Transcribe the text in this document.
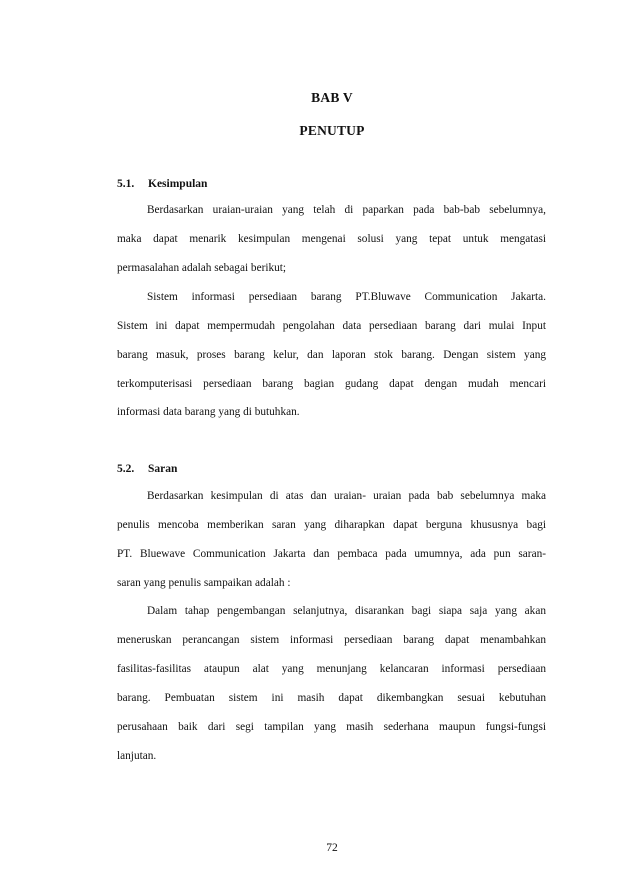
BAB V
PENUTUP
5.1. Kesimpulan
Berdasarkan uraian-uraian yang telah di paparkan pada bab-bab sebelumnya,
maka dapat menarik kesimpulan mengenai solusi yang tepat untuk mengatasi
permasalahan adalah sebagai berikut;
Sistem informasi persediaan barang PT.Bluwave Communication Jakarta.
Sistem ini dapat mempermudah pengolahan data persediaan barang dari mulai Input
barang masuk, proses barang kelur, dan laporan stok barang. Dengan sistem yang
terkomputerisasi persediaan barang bagian gudang dapat dengan mudah mencari
informasi data barang yang di butuhkan.
5.2. Saran
Berdasarkan kesimpulan di atas dan uraian- uraian pada bab sebelumnya maka
penulis mencoba memberikan saran yang diharapkan dapat berguna khususnya bagi
PT. Bluewave Communication Jakarta dan pembaca pada umumnya, ada pun saran-
saran yang penulis sampaikan adalah :
Dalam tahap pengembangan selanjutnya, disarankan bagi siapa saja yang akan
meneruskan perancangan sistem informasi persediaan barang dapat menambahkan
fasilitas-fasilitas ataupun alat yang menunjang kelancaran informasi persediaan
barang. Pembuatan sistem ini masih dapat dikembangkan sesuai kebutuhan
perusahaan baik dari segi tampilan yang masih sederhana maupun fungsi-fungsi
lanjutan.
72
